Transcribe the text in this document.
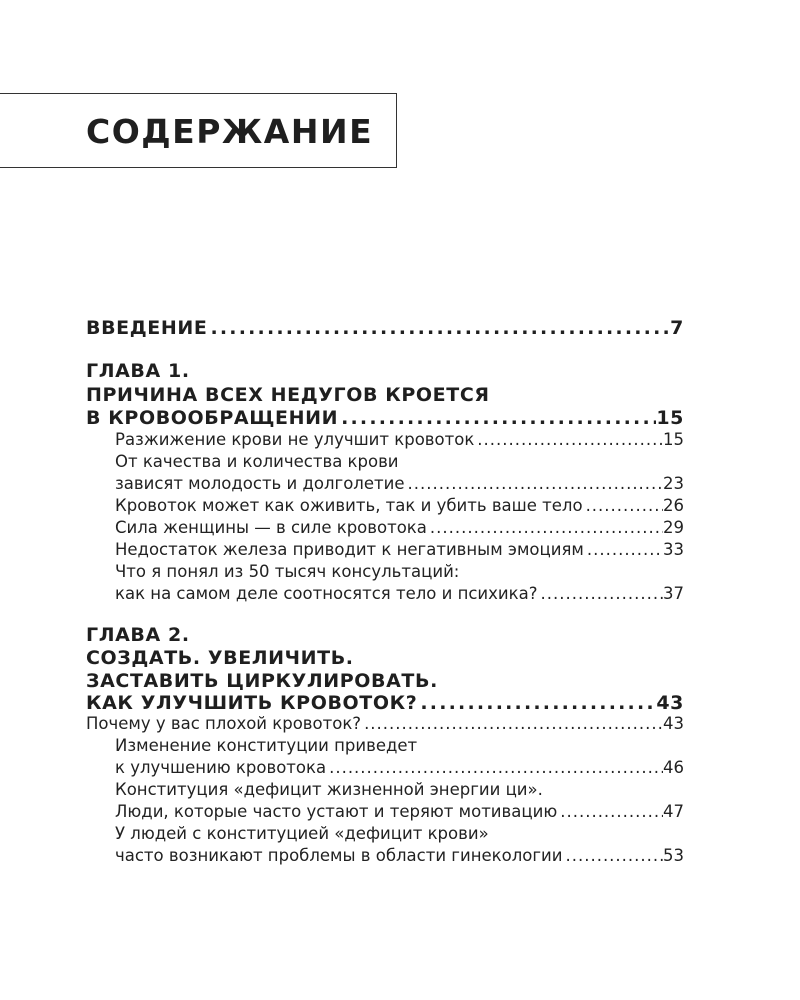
СОДЕРЖАНИЕ
ВВЕДЕНИЕ .....	7
ГЛАВА 1.
ПРИЧИНА ВСЕХ НЕДУГОВ КРОЕТСЯ
В КРОВООБРАЩЕНИИ .....	15
Разжижение крови не улучшит кровоток .....	15
От качества и количества крови
зависят молодость и долголетие .....	23
Кровоток может как оживить, так и убить ваше тело .....	26
Сила женщины — в силе кровотока .....	29
Недостаток железа приводит к негативным эмоциям .....	33
Что я понял из 50 тысяч консультаций:
как на самом деле соотносятся тело и психика? .....	37
ГЛАВА 2.
СОЗДАТЬ. УВЕЛИЧИТЬ.
ЗАСТАВИТЬ ЦИРКУЛИРОВАТЬ.
КАК УЛУЧШИТЬ КРОВОТОК? .....	43
Почему у вас плохой кровоток? .....	43
Изменение конституции приведет
к улучшению кровотока .....	46
Конституция «дефицит жизненной энергии ци».
Люди, которые часто устают и теряют мотивацию .....	47
У людей с конституцией «дефицит крови»
часто возникают проблемы в области гинекологии .....	53
